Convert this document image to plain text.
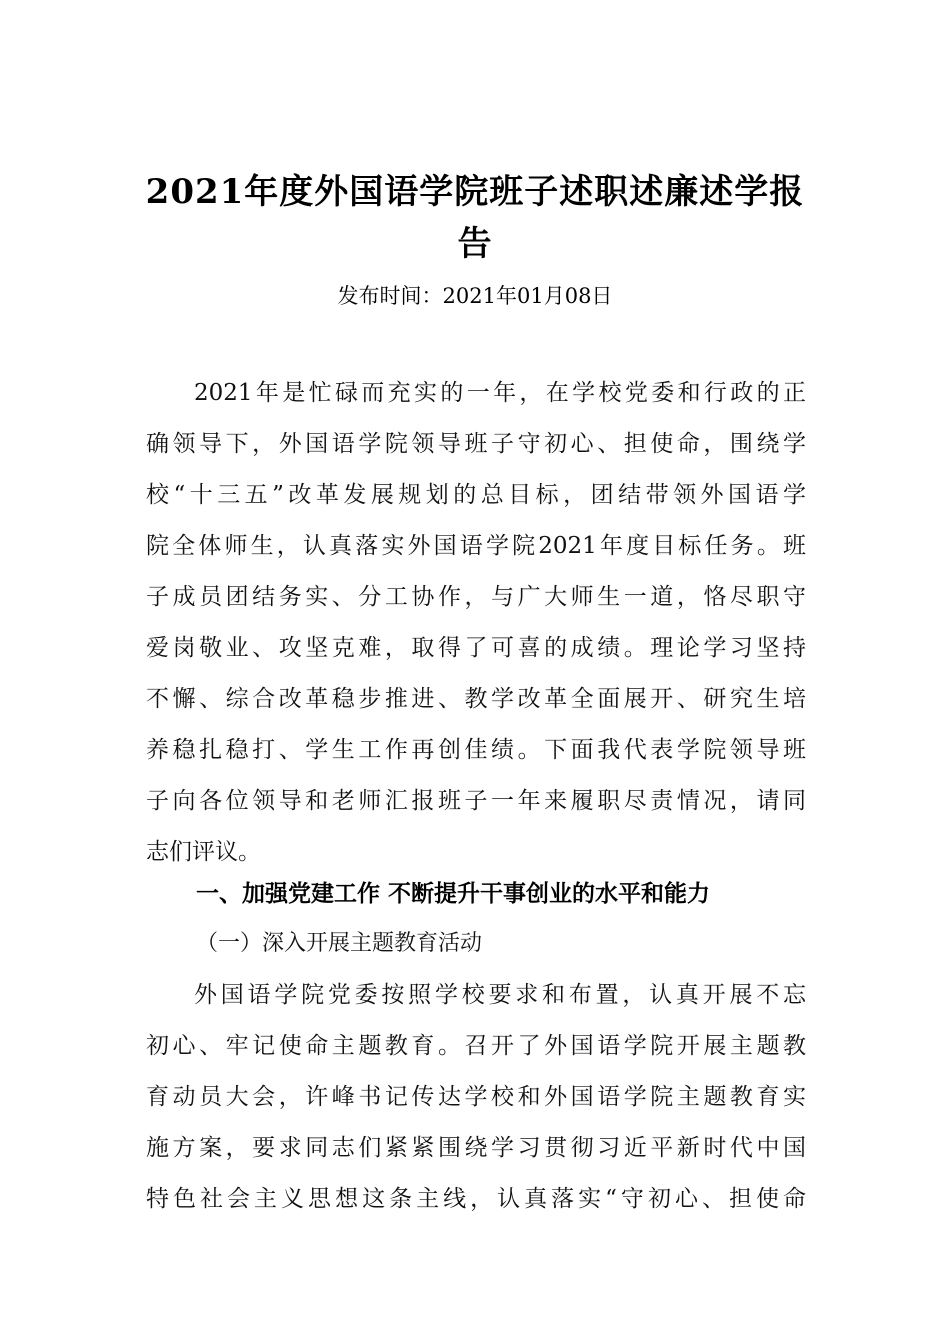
2021年度外国语学院班子述职述廉述学报告
发布时间：2021年01月08日
2021年是忙碌而充实的一年，在学校党委和行政的正
确领导下，外国语学院领导班子守初心、担使命，围绕学
校“十三五”改革发展规划的总目标，团结带领外国语学
院全体师生，认真落实外国语学院2021年度目标任务。班
子成员团结务实、分工协作，与广大师生一道，恪尽职守
爱岗敬业、攻坚克难，取得了可喜的成绩。理论学习坚持
不懈、综合改革稳步推进、教学改革全面展开、研究生培
养稳扎稳打、学生工作再创佳绩。下面我代表学院领导班
子向各位领导和老师汇报班子一年来履职尽责情况，请同
志们评议。
一、加强党建工作 不断提升干事创业的水平和能力
（一）深入开展主题教育活动
外国语学院党委按照学校要求和布置，认真开展不忘
初心、牢记使命主题教育。召开了外国语学院开展主题教
育动员大会，许峰书记传达学校和外国语学院主题教育实
施方案，要求同志们紧紧围绕学习贯彻习近平新时代中国
特色社会主义思想这条主线，认真落实“守初心、担使命
